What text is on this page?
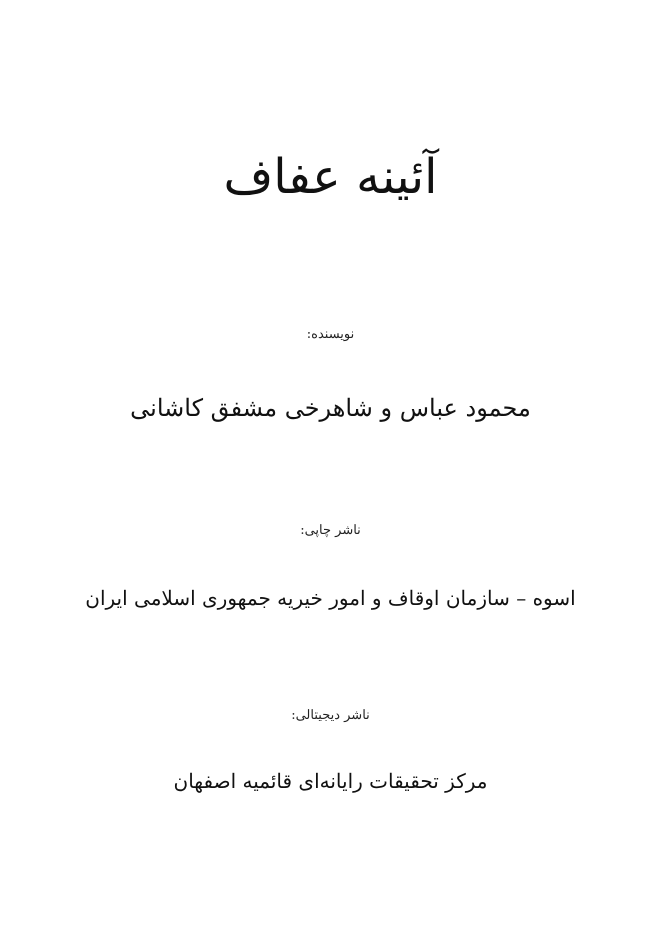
آئینه عفاف
نویسنده:
محمود عباس و شاهرخی مشفق کاشانی
ناشر چاپی:
اسوه – سازمان اوقاف و امور خیریه جمهوری اسلامی ایران
ناشر دیجیتالی:
مرکز تحقیقات رایانه‌ای قائمیه اصفهان
